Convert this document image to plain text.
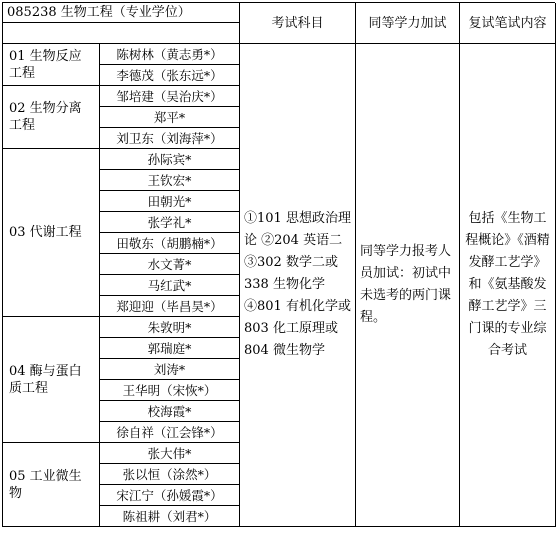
085238 生物工程（专业学位）
考试科目	同等学力加试	复试笔试内容
01 生物反应工程
陈树林（黄志勇*）
李德茂（张东远*）
02 生物分离工程
邹培建（吴治庆*）
郑平*
刘卫东（刘海萍*）
03 代谢工程
孙际宾*
王钦宏*
田朝光*
张学礼*
田敬东（胡鹏楠*）
水文菁*
马红武*
郑迎迎（毕昌昊*）
04 酶与蛋白质工程
朱敦明*
郭瑞庭*
刘涛*
王华明（宋恢*）
校海霞*
徐自祥（江会锋*）
05 工业微生物
张大伟*
张以恒（涂然*）
宋江宁（孙媛霞*）
陈祖耕（刘君*）
①101 思想政治理论 ②204 英语二 ③302 数学二或 338 生物化学 ④801 有机化学或 803 化工原理或 804 微生物学
同等学力报考人员加试：初试中未选考的两门课程。
包括《生物工程概论》《酒精发酵工艺学》和《氨基酸发酵工艺学》三门课的专业综合考试
